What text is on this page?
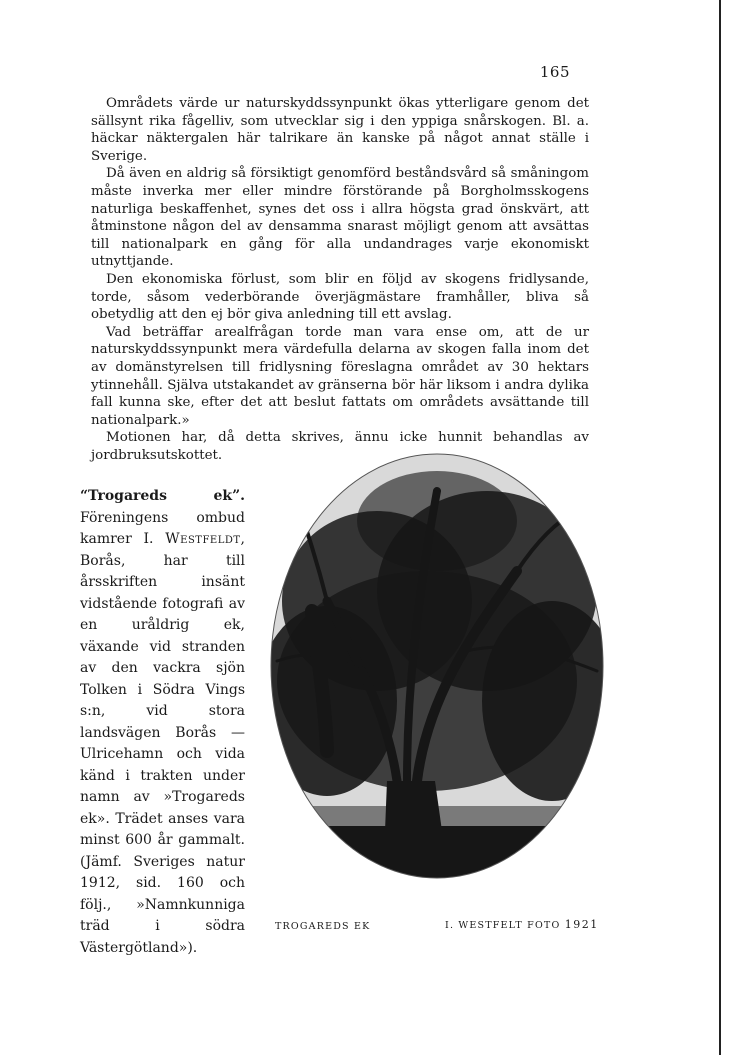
165

Områdets värde ur naturskyddssynpunkt ökas ytterligare genom det sällsynt rika fågelliv, som utvecklar sig i den yppiga snårskogen. Bl. a. häckar näktergalen här talrikare än kanske på något annat ställe i Sverige.

Då även en aldrig så försiktigt genomförd beståndsvård så småningom måste inverka mer eller mindre förstörande på Borgholmsskogens naturliga beskaffenhet, synes det oss i allra högsta grad önskvärt, att åtminstone någon del av densamma snarast möjligt genom att avsättas till nationalpark en gång för alla undandrages varje ekonomiskt utnyttjande.

Den ekonomiska förlust, som blir en följd av skogens fridlysande, torde, såsom vederbörande överjägmästare framhåller, bliva så obetydlig att den ej bör giva anledning till ett avslag.

Vad beträffar arealfrågan torde man vara ense om, att de ur naturskyddssynpunkt mera värdefulla delarna av skogen falla inom det av domänstyrelsen till fridlysning föreslagna området av 30 hektars ytinnehåll. Själva utstakandet av gränserna bör här liksom i andra dylika fall kunna ske, efter det att beslut fattats om områdets avsättande till nationalpark.»

Motionen har, då detta skrives, ännu icke hunnit behandlas av jordbruksutskottet.

“Trogareds ek”. Föreningens ombud kamrer I. Westfeldt, Borås, har till årsskriften insänt vidstående fotografi av en uråldrig ek, växande vid stranden av den vackra sjön Tolken i Södra Vings s:n, vid stora landsvägen Borås —Ulricehamn och vida känd i trakten under namn av »Trogareds ek». Trädet anses vara minst 600 år gammalt. (Jämf. Sveriges natur 1912, sid. 160 och följ., »Namnkunniga träd i södra Västergötland»).

TROGAREDS EK	I. WESTFELT FOTO 1921
